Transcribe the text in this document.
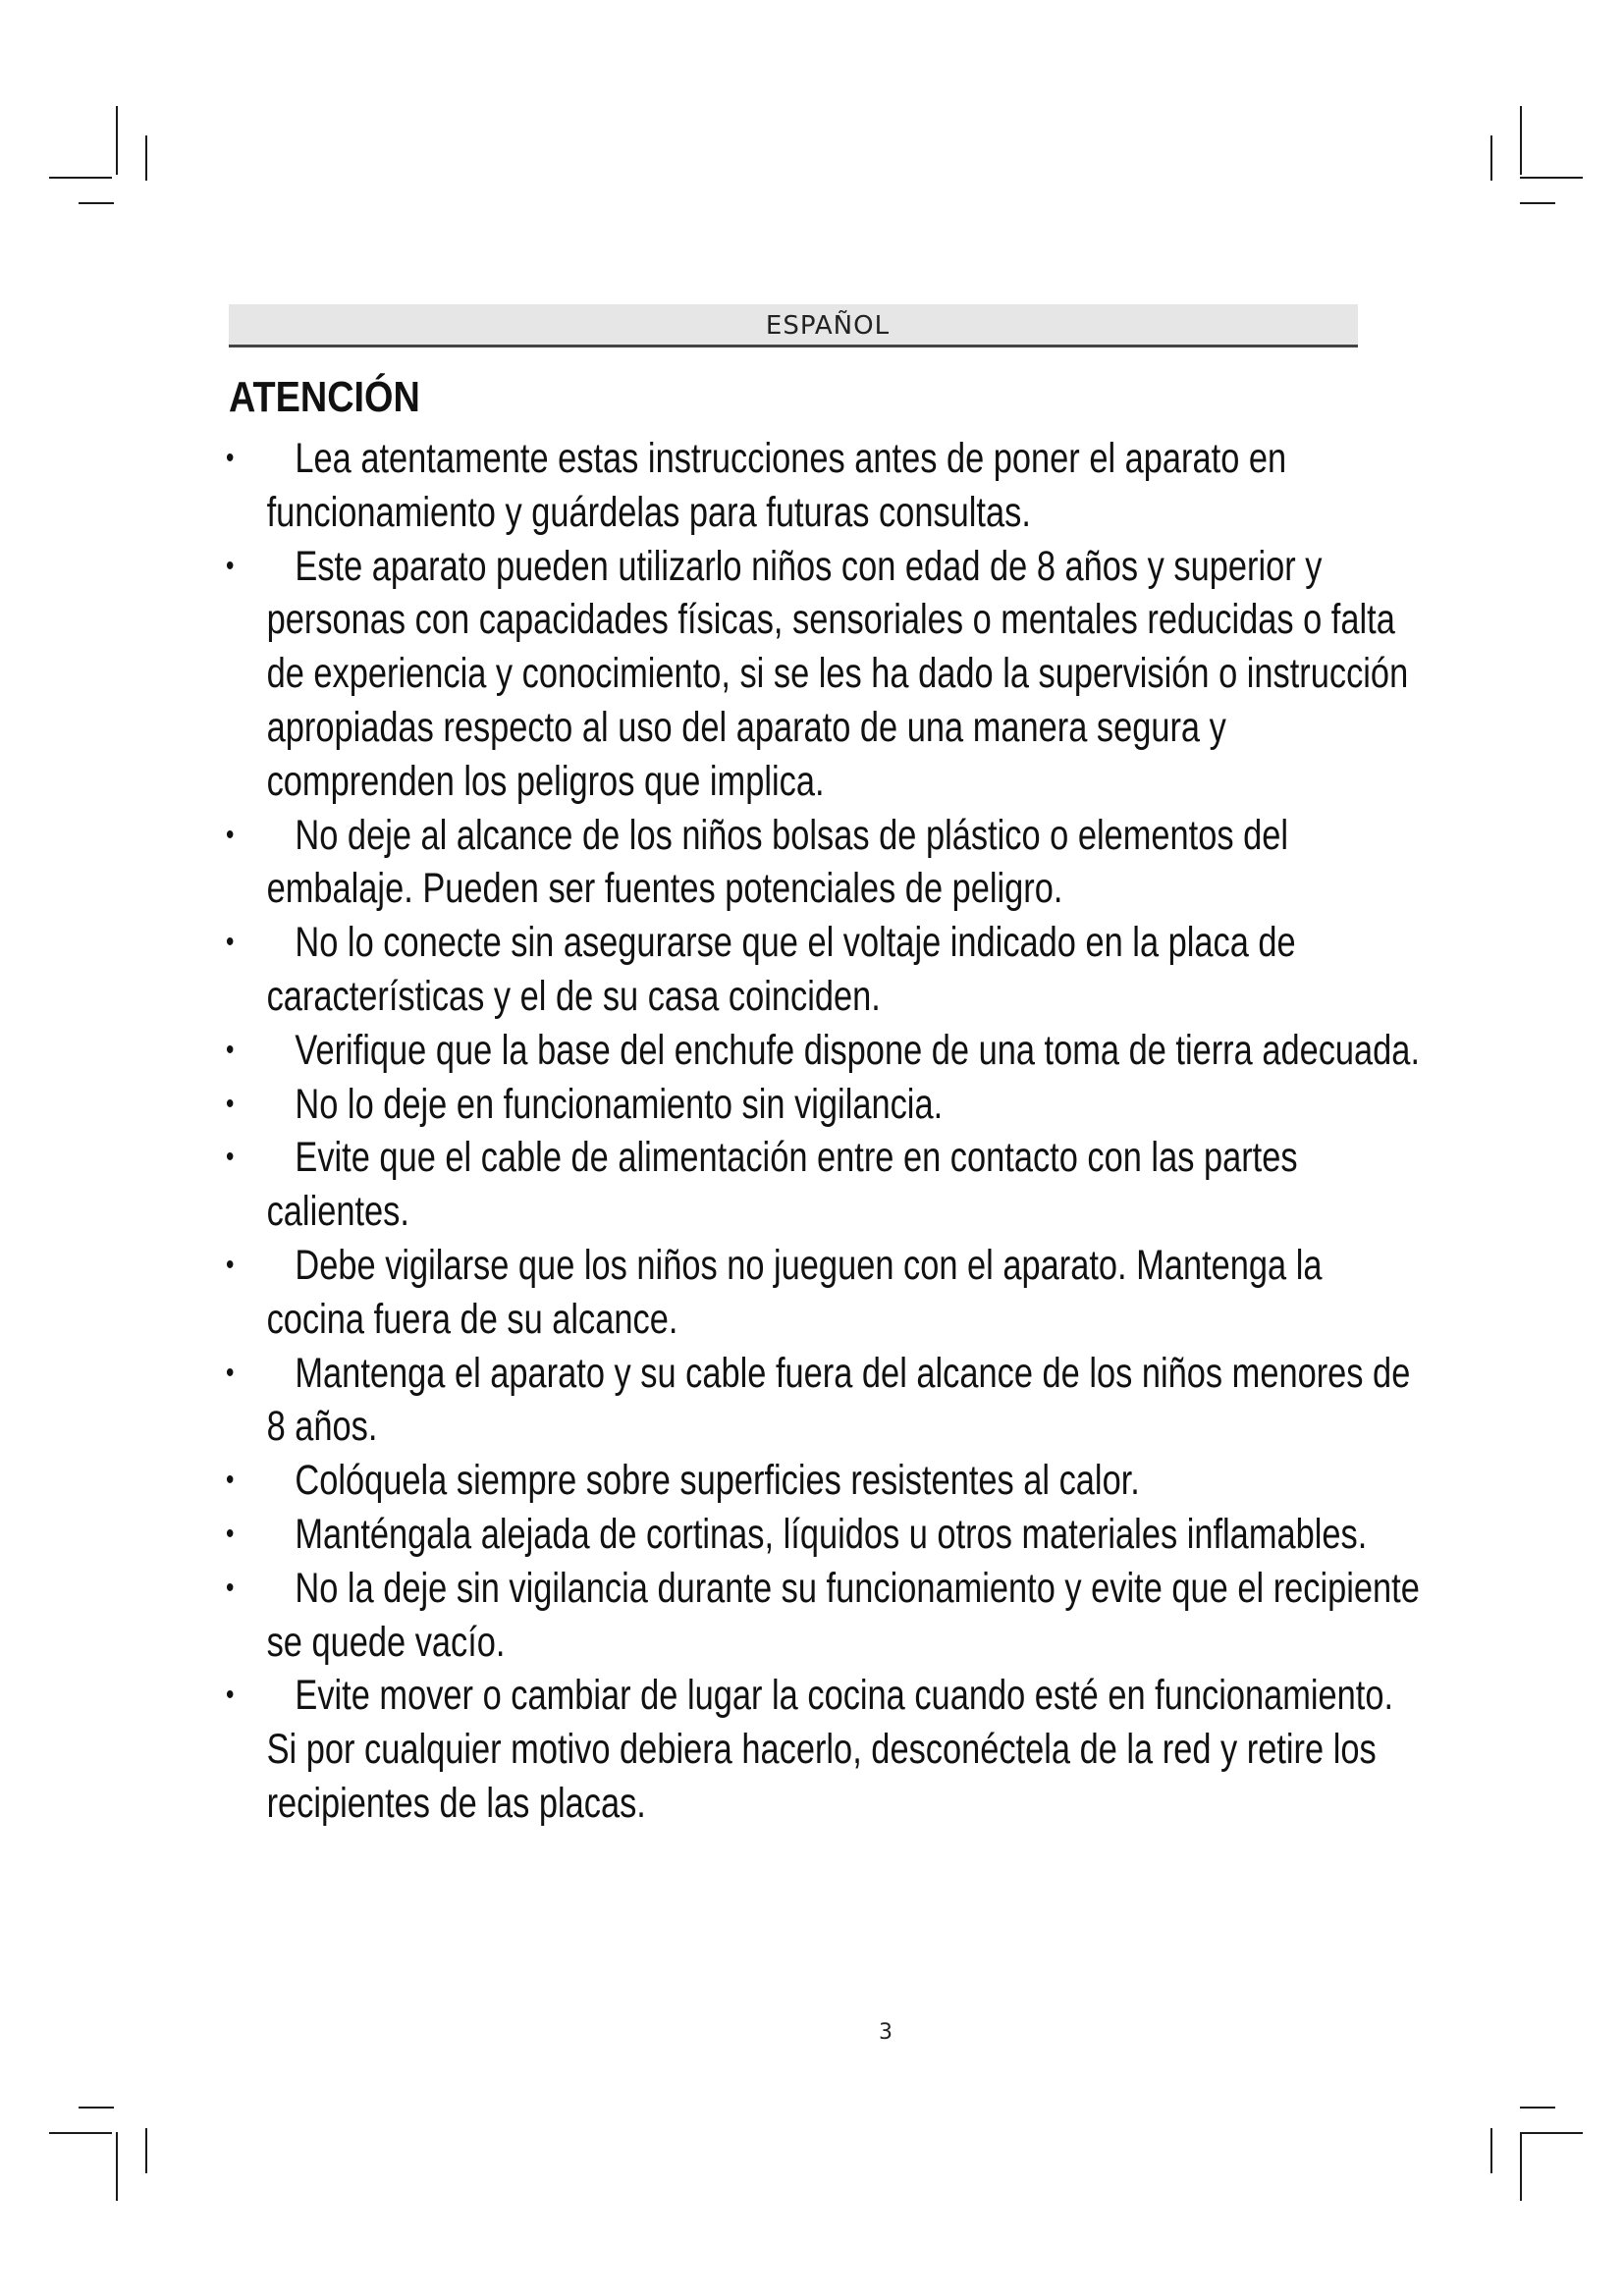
ESPAÑOL
ATENCIÓN
•	Lea atentamente estas instrucciones antes de poner el aparato en funcionamiento y guárdelas para futuras consultas.
•	Este aparato pueden utilizarlo niños con edad de 8 años y superior y personas con capacidades físicas, sensoriales o mentales reducidas o falta de experiencia y conocimiento, si se les ha dado la supervisión o instrucción apropiadas respecto al uso del aparato de una manera segura y comprenden los peligros que implica.
•	No deje al alcance de los niños bolsas de plástico o elementos del embalaje. Pueden ser fuentes potenciales de peligro.
•	No lo conecte sin asegurarse que el voltaje indicado en la placa de características y el de su casa coinciden.
•	Verifique que la base del enchufe dispone de una toma de tierra adecuada.
•	No lo deje en funcionamiento sin vigilancia.
•	Evite que el cable de alimentación entre en contacto con las partes calientes.
•	Debe vigilarse que los niños no jueguen con el aparato. Mantenga la cocina fuera de su alcance.
•	Mantenga el aparato y su cable fuera del alcance de los niños menores de 8 años.
•	Colóquela siempre sobre superficies resistentes al calor.
•	Manténgala alejada de cortinas, líquidos u otros materiales inflamables.
•	No la deje sin vigilancia durante su funcionamiento y evite que el recipiente se quede vacío.
•	Evite mover o cambiar de lugar la cocina cuando esté en funcionamiento. Si por cualquier motivo debiera hacerlo, desconéctela de la red y retire los recipientes de las placas.
3
